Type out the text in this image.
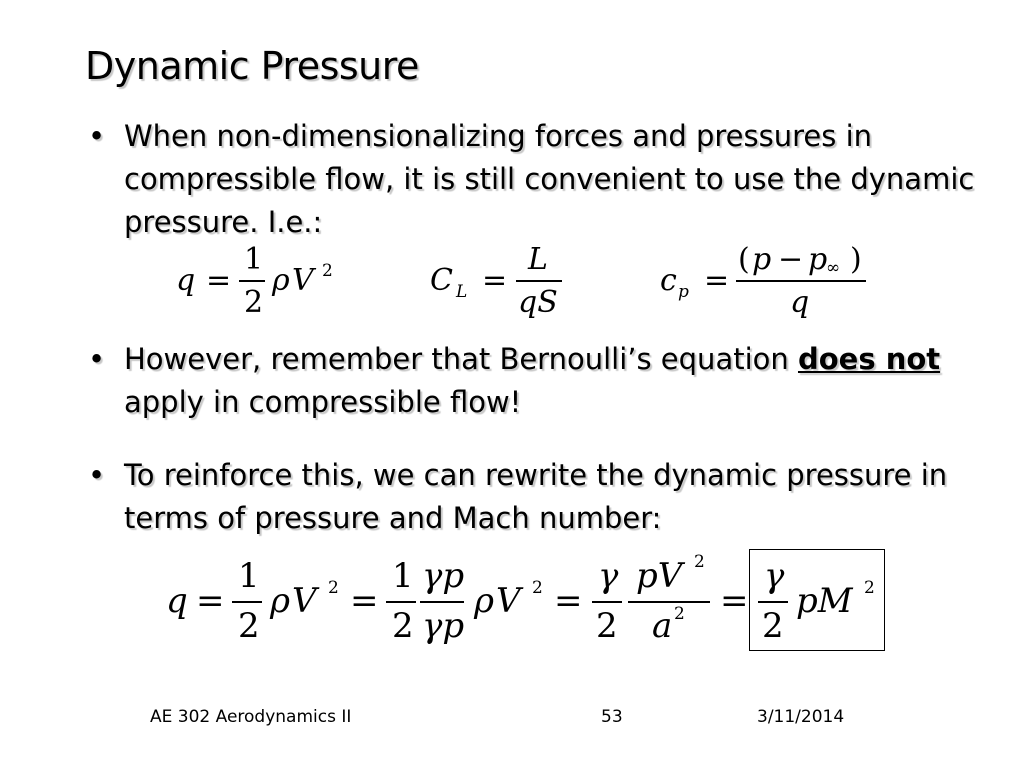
Dynamic Pressure
• When non-dimensionalizing forces and pressures in compressible flow, it is still convenient to use the dynamic pressure. I.e.:
q =
1
2
ρ V 2	C L =
L
qS
c p =
( p − p
∞ )
q
• However, remember that Bernoulli’s equation does not apply in compressible flow!
• To reinforce this, we can rewrite the dynamic pressure in terms of pressure and Mach number:
q =
1
2
ρ V 2 =
1
2
γp
γp
ρ V 2 =
γ
2
pV 2
a 2 =
γ
2
pM 2
AE 302 Aerodynamics II	53	3/11/2014
